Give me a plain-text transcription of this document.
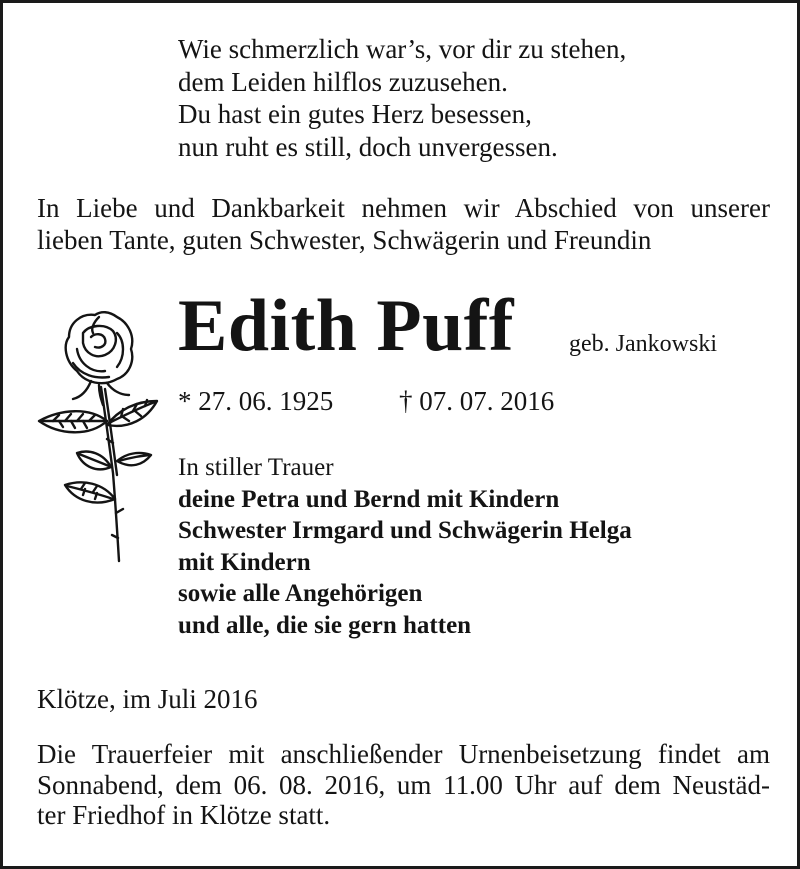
Wie schmerzlich war’s, vor dir zu stehen,
dem Leiden hilflos zuzusehen.
Du hast ein gutes Herz besessen,
nun ruht es still, doch unvergessen.
In Liebe und Dankbarkeit nehmen wir Abschied von unserer
lieben Tante, guten Schwester, Schwägerin und Freundin
Edith Puff geb. Jankowski
* 27. 06. 1925 † 07. 07. 2016
In stiller Trauer
deine Petra und Bernd mit Kindern
Schwester Irmgard und Schwägerin Helga
mit Kindern
sowie alle Angehörigen
und alle, die sie gern hatten
Klötze, im Juli 2016
Die Trauerfeier mit anschließender Urnenbeisetzung findet am
Sonnabend, dem 06. 08. 2016, um 11.00 Uhr auf dem Neustäd-
ter Friedhof in Klötze statt.
